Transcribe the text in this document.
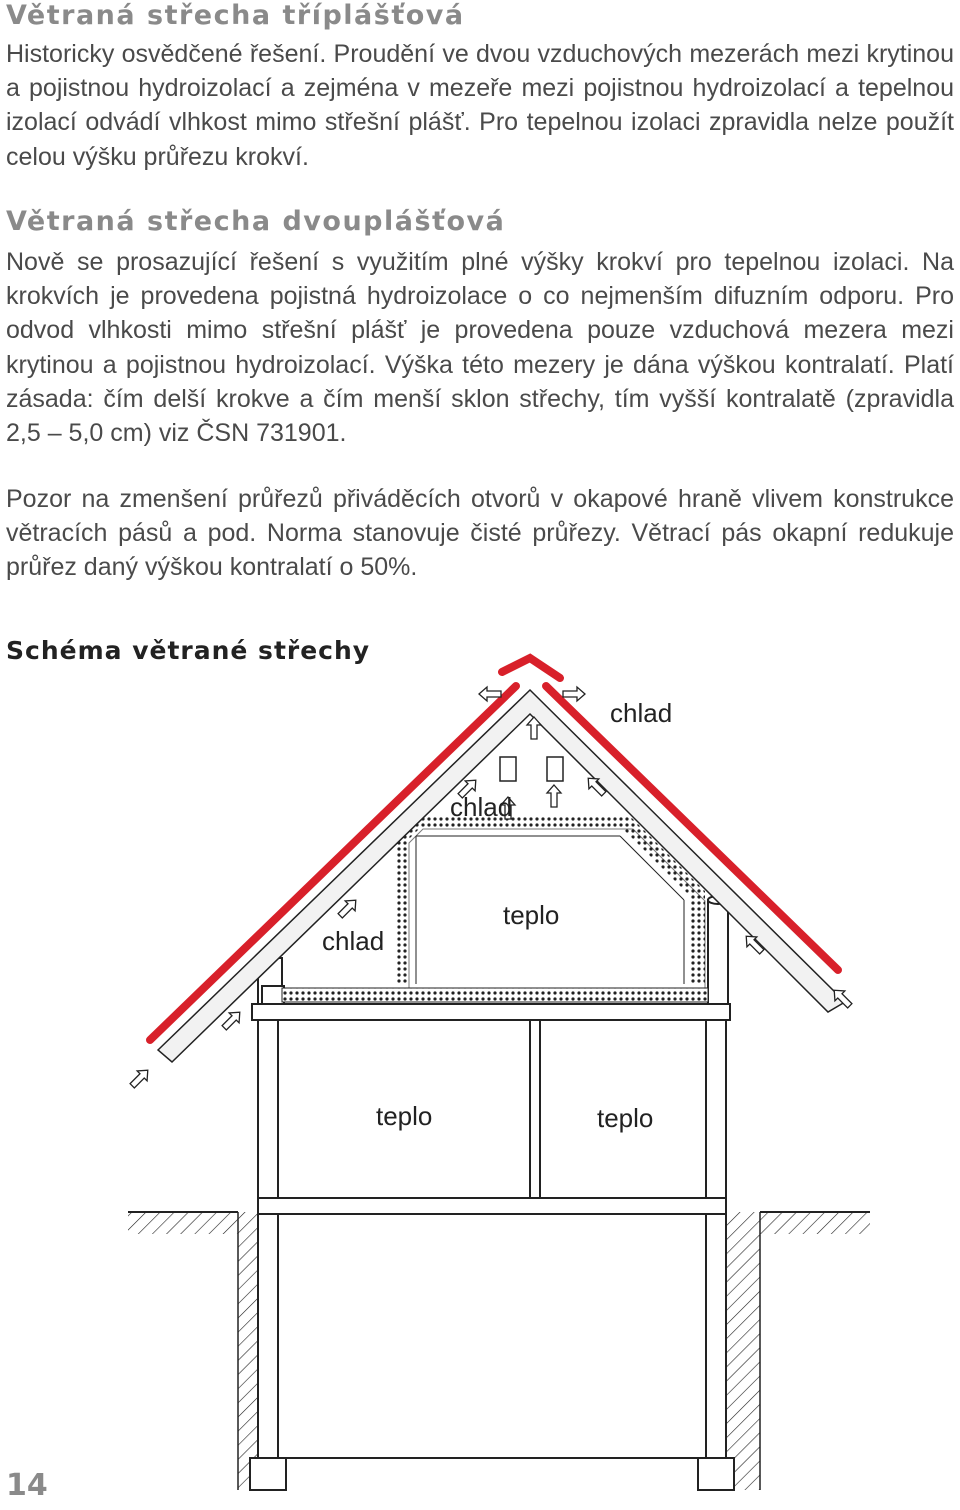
Větraná střecha tříplášťová

Historicky osvědčené řešení. Proudění ve dvou vzduchových mezerách mezi krytinou a pojistnou hydroizolací a zejména v mezeře mezi pojistnou hydroizolací a tepelnou izolací odvádí vlhkost mimo střešní plášť. Pro tepelnou izolaci zpravidla nelze použít celou výšku průřezu krokví.

Větraná střecha dvouplášťová

Nově se prosazující řešení s využitím plné výšky krokví pro tepelnou izolaci. Na krokvích je provedena pojistná hydroizolace o co nejmenším difuzním odporu. Pro odvod vlhkosti mimo střešní plášť je provedena pouze vzduchová mezera mezi krytinou a pojistnou hydroizolací. Výška této mezery je dána výškou kontralatí. Platí zásada: čím delší krokve a čím menší sklon střechy, tím vyšší kontralatě (zpravidla 2,5 – 5,0 cm) viz ČSN 731901.

Pozor na zmenšení průřezů přiváděcích otvorů v okapové hraně vlivem konstrukce větracích pásů a pod. Norma stanovuje čisté průřezy. Větrací pás okapní redukuje průřez daný výškou kontralatí o 50%.

Schéma větrané střechy
chlad
chlad
chlad
teplo
teplo	teplo
14
